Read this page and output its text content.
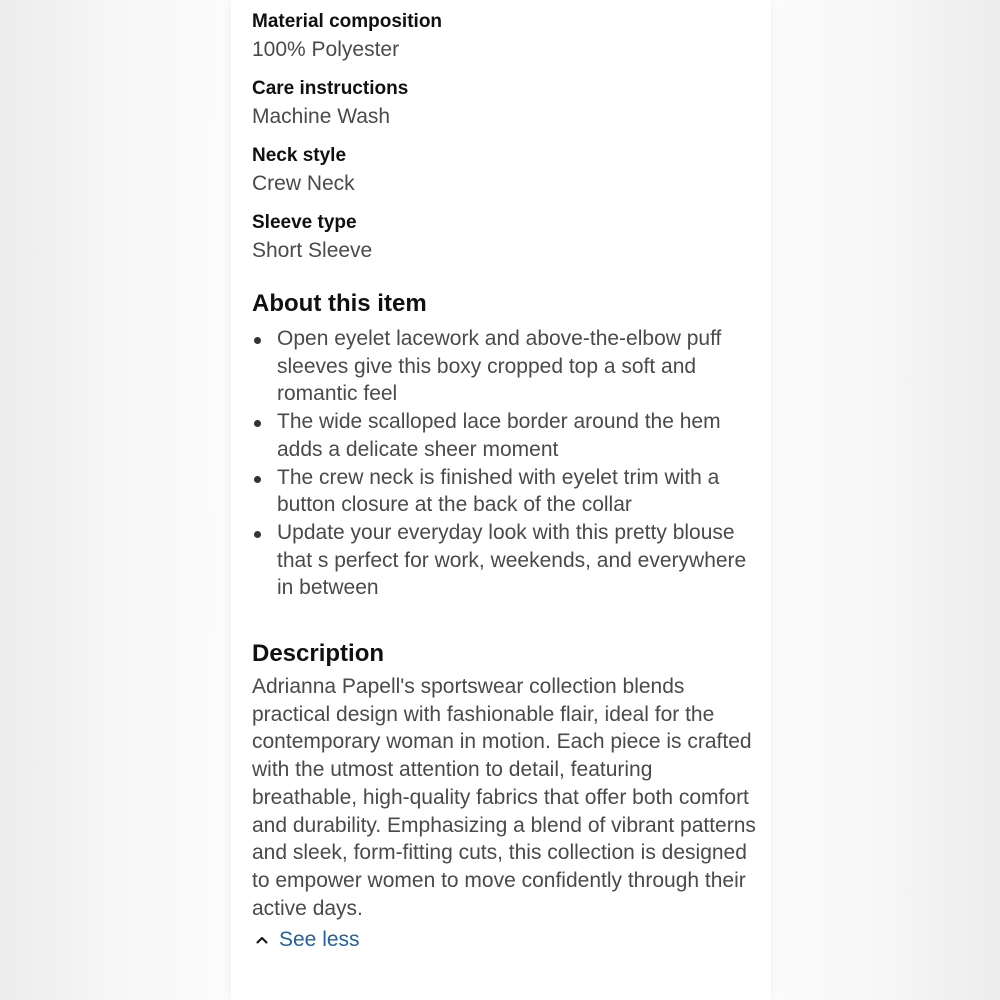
Material composition
100% Polyester
Care instructions
Machine Wash
Neck style
Crew Neck
Sleeve type
Short Sleeve
About this item
Open eyelet lacework and above-the-elbow puff sleeves give this boxy cropped top a soft and romantic feel
The wide scalloped lace border around the hem adds a delicate sheer moment
The crew neck is finished with eyelet trim with a button closure at the back of the collar
Update your everyday look with this pretty blouse that s perfect for work, weekends, and everywhere in between
Description

Adrianna Papell's sportswear collection blends practical design with fashionable flair, ideal for the contemporary woman in motion. Each piece is crafted with the utmost attention to detail, featuring breathable, high-quality fabrics that offer both comfort and durability. Emphasizing a blend of vibrant patterns and sleek, form-fitting cuts, this collection is designed to empower women to move confidently through their active days.

See less
